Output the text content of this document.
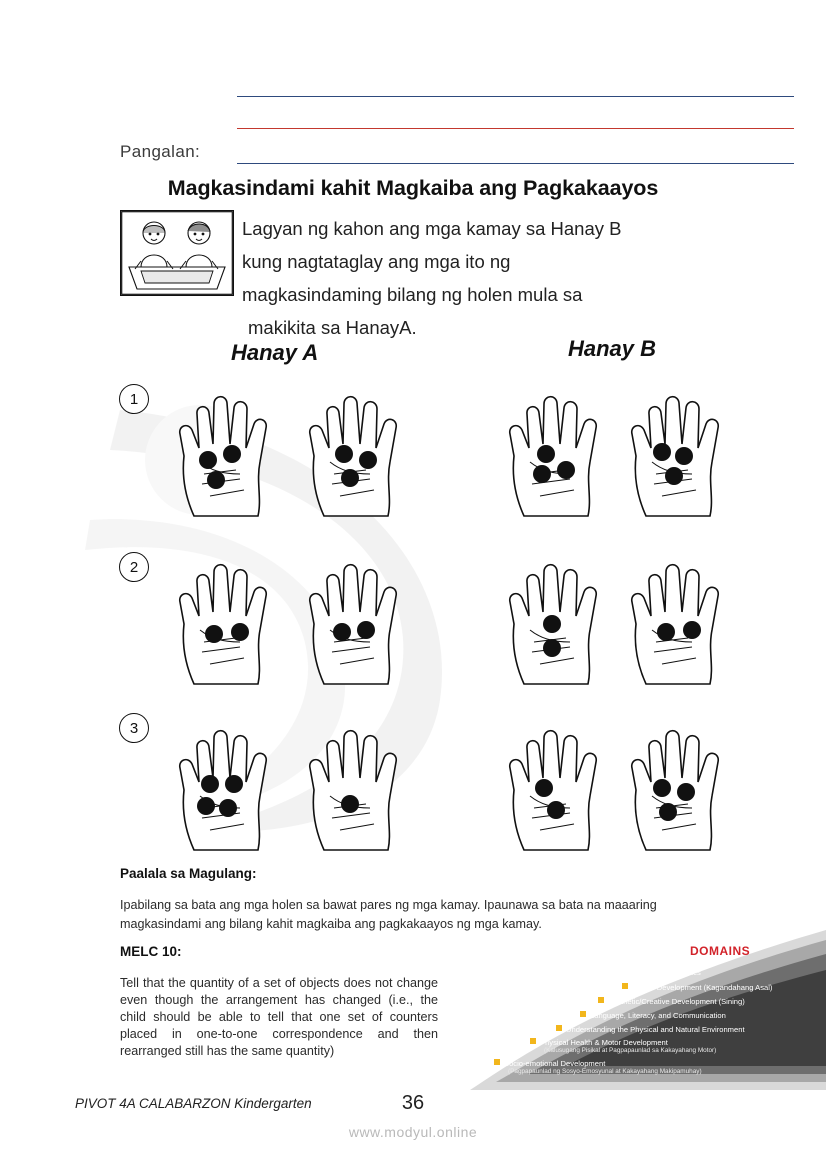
Pangalan:
Magkasindami kahit Magkaiba ang Pagkakaayos
Lagyan ng kahon ang mga kamay sa Hanay B
kung nagtataglay ang mga ito ng
magkasindaming bilang ng holen mula sa
makikita sa HanayA.
Hanay A	Hanay B
1
2
3
Paalala sa Magulang:
Ipabilang sa bata ang mga holen sa bawat pares ng mga kamay. Ipaunawa sa bata na maaaring magkasindami ang bilang kahit magkaiba ang pagkakaayos ng mga kamay.
MELC 10:
Tell that the quantity of a set of objects does not change even though the arrangement has changed (i.e., the child should be able to tell that one set of counters placed in one-to-one correspondence and then rearranged still has the same quantity)
DOMAINS
✓ Mathematics
Values Development (Kagandahang Asal)
Aesthetic/Creative Development (Sining)
Language, Literacy, and Communication
Understanding the Physical and Natural Environment
Physical Health & Motor Development
(Kalusugang Pisikal at Pagpapaunlad sa Kakayahang Motor)
Socio-emotional Development
(Pagpapaunlad ng Sosyo-Emosyunal at Kakayahang Makipamuhay)
PIVOT 4A CALABARZON Kindergarten	36
www.modyul.online
